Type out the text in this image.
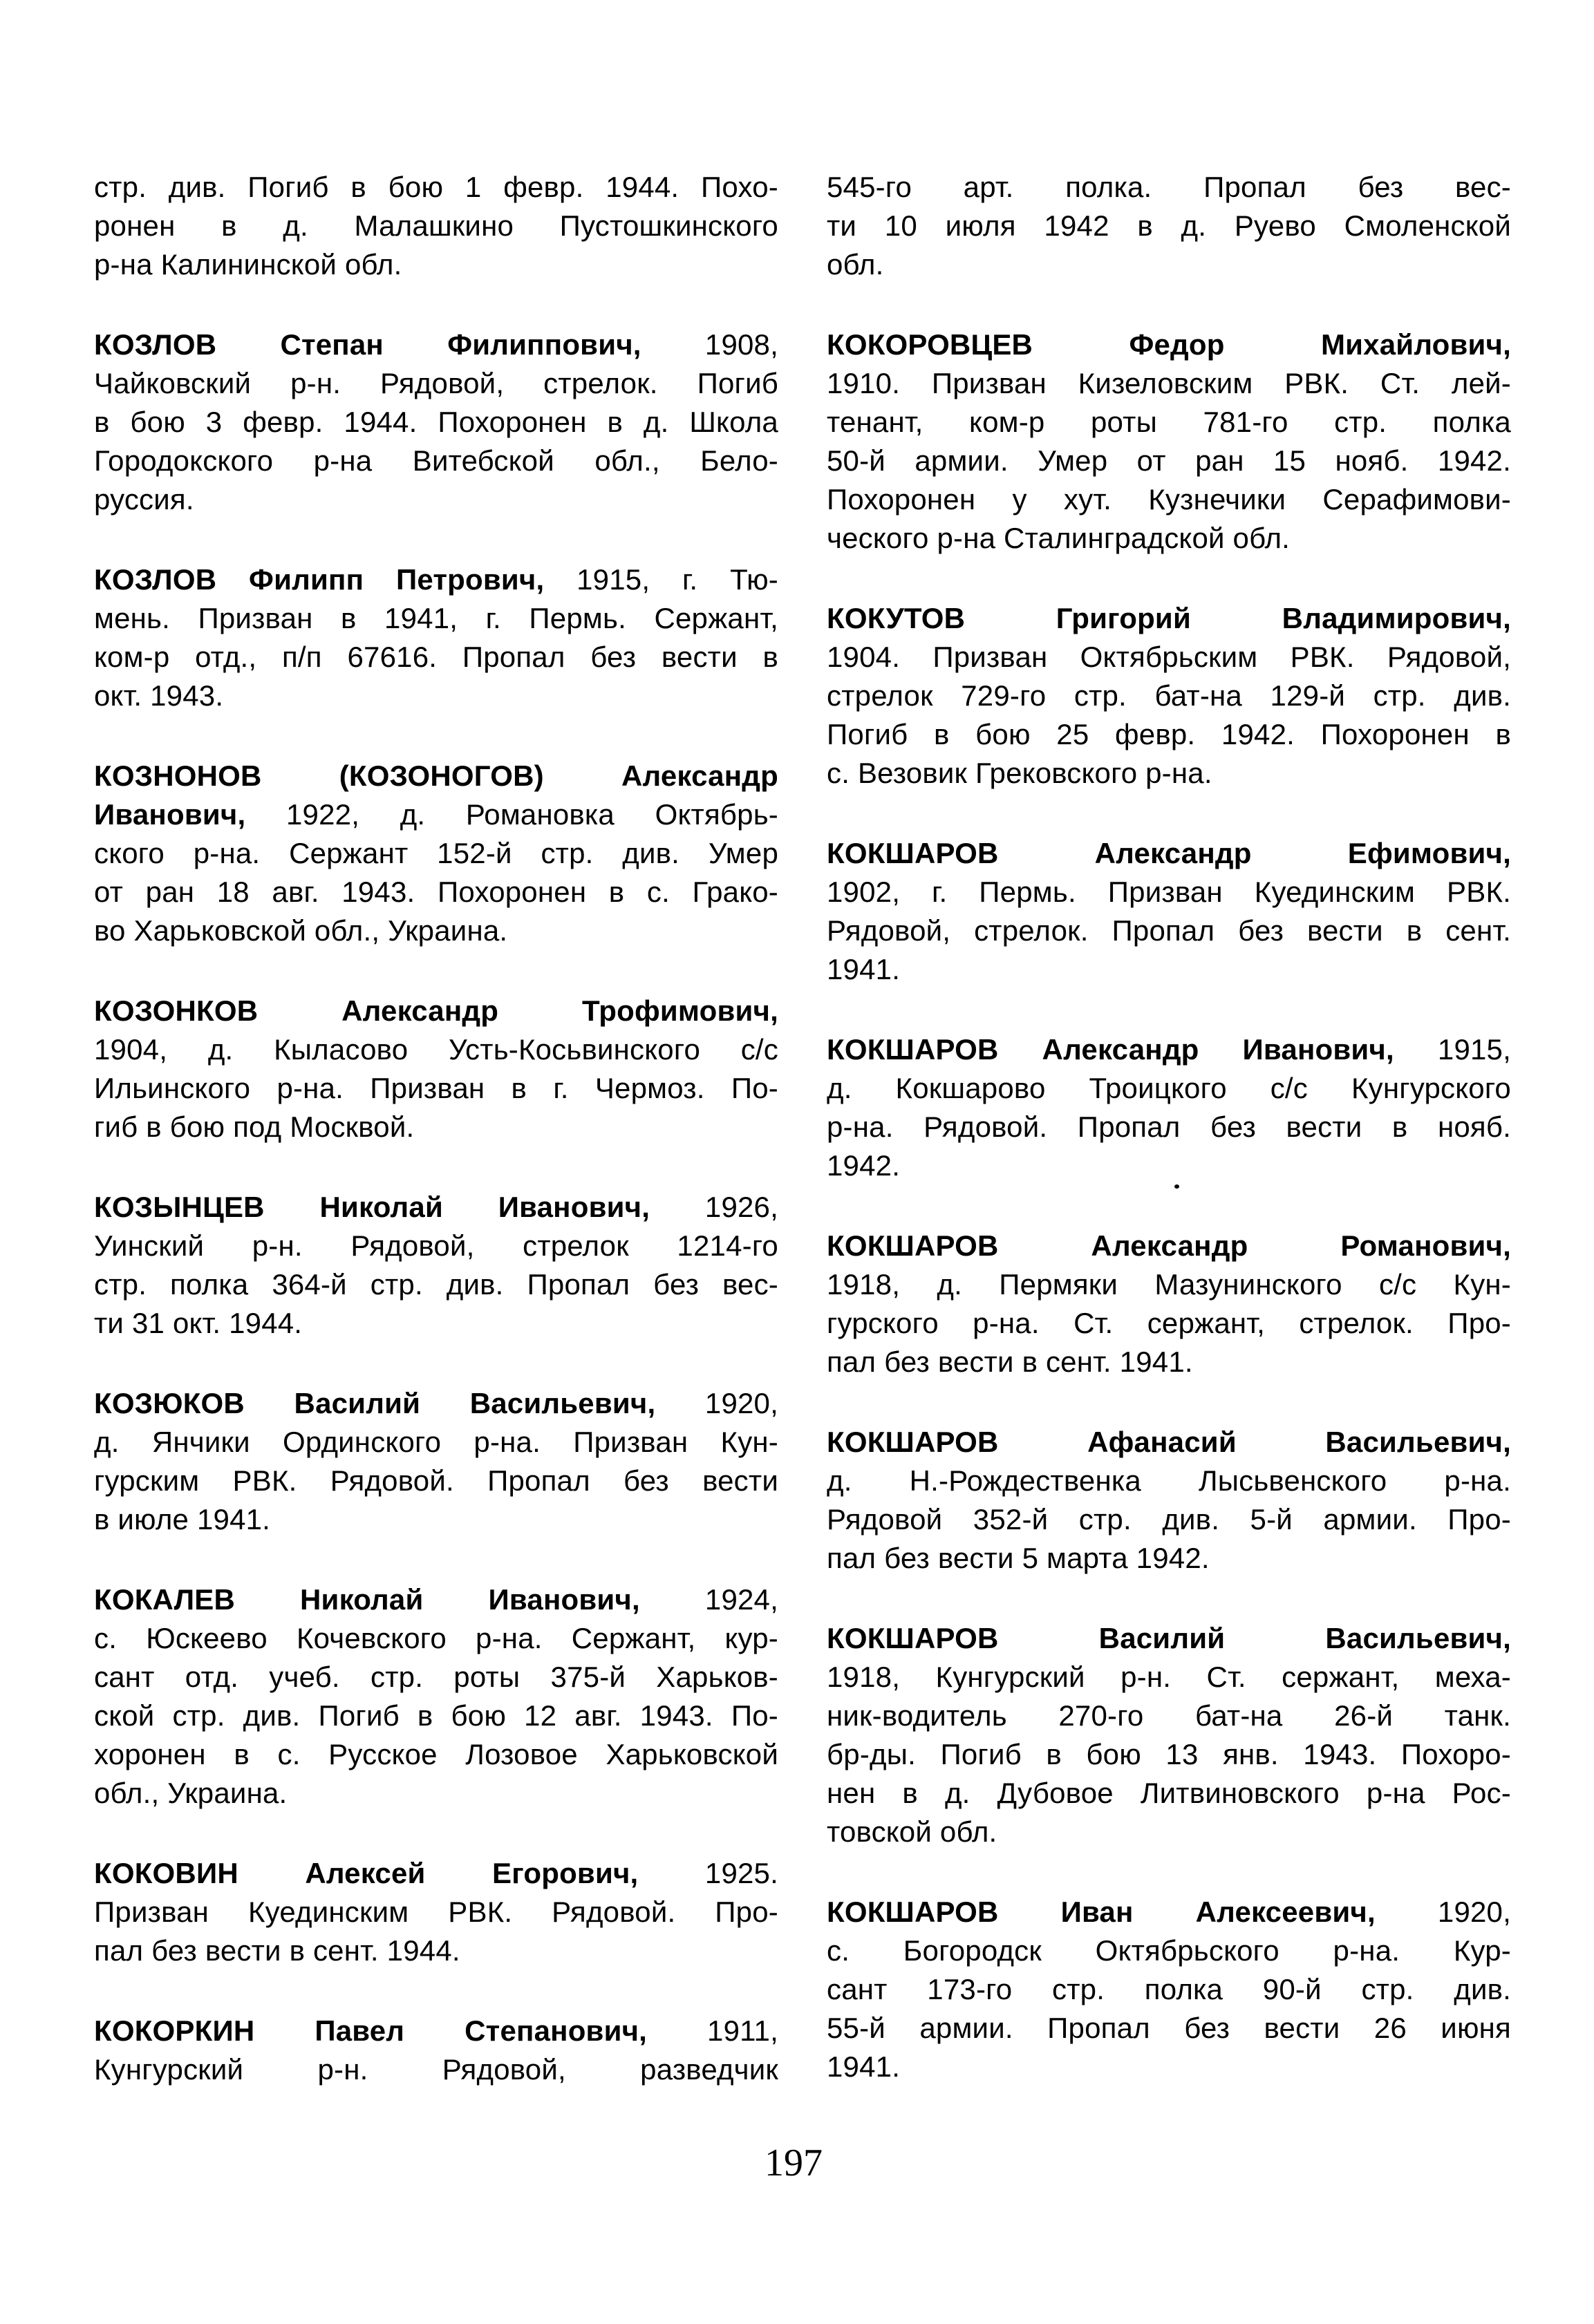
стр. див. Погиб в бою 1 февр. 1944. Похо-
ронен в д. Малашкино Пустошкинского
р-на Калининской обл.
КОЗЛОВ Степан Филиппович, 1908,
Чайковский р-н. Рядовой, стрелок. Погиб
в бою 3 февр. 1944. Похоронен в д. Школа
Городокского р-на Витебской обл., Бело-
руссия.
КОЗЛОВ Филипп Петрович, 1915, г. Тю-
мень. Призван в 1941, г. Пермь. Сержант,
ком-р отд., п/п 67616. Пропал без вести в
окт. 1943.
КОЗНОНОВ (КОЗОНОГОВ) Александр
Иванович, 1922, д. Романовка Октябрь-
ского р-на. Сержант 152-й стр. див. Умер
от ран 18 авг. 1943. Похоронен в с. Грако-
во Харьковской обл., Украина.
КОЗОНКОВ Александр Трофимович,
1904, д. Кыласово Усть-Косьвинского с/с
Ильинского р-на. Призван в г. Чермоз. По-
гиб в бою под Москвой.
КОЗЫНЦЕВ Николай Иванович, 1926,
Уинский р-н. Рядовой, стрелок 1214-го
стр. полка 364-й стр. див. Пропал без вес-
ти 31 окт. 1944.
КОЗЮКОВ Василий Васильевич, 1920,
д. Янчики Ординского р-на. Призван Кун-
гурским РВК. Рядовой. Пропал без вести
в июле 1941.
КОКАЛЕВ Николай Иванович, 1924,
с. Юскеево Кочевского р-на. Сержант, кур-
сант отд. учеб. стр. роты 375-й Харьков-
ской стр. див. Погиб в бою 12 авг. 1943. По-
хоронен в с. Русское Лозовое Харьковской
обл., Украина.
КОКОВИН Алексей Егорович, 1925.
Призван Куединским РВК. Рядовой. Про-
пал без вести в сент. 1944.
КОКОРКИН Павел Степанович, 1911,
Кунгурский р-н. Рядовой, разведчик
545-го арт. полка. Пропал без вес-
ти 10 июля 1942 в д. Руево Смоленской
обл.
КОКОРОВЦЕВ Федор Михайлович,
1910. Призван Кизеловским РВК. Ст. лей-
тенант, ком-р роты 781-го стр. полка
50-й армии. Умер от ран 15 нояб. 1942.
Похоронен у хут. Кузнечики Серафимови-
ческого р-на Сталинградской обл.
КОКУТОВ Григорий Владимирович,
1904. Призван Октябрьским РВК. Рядовой,
стрелок 729-го стр. бат-на 129-й стр. див.
Погиб в бою 25 февр. 1942. Похоронен в
с. Везовик Грековского р-на.
КОКШАРОВ Александр Ефимович,
1902, г. Пермь. Призван Куединским РВК.
Рядовой, стрелок. Пропал без вести в сент.
1941.
КОКШАРОВ Александр Иванович, 1915,
д. Кокшарово Троицкого с/с Кунгурского
р-на. Рядовой. Пропал без вести в нояб.
1942.
КОКШАРОВ Александр Романович,
1918, д. Пермяки Мазунинского с/с Кун-
гурского р-на. Ст. сержант, стрелок. Про-
пал без вести в сент. 1941.
КОКШАРОВ Афанасий Васильевич,
д. Н.-Рождественка Лысьвенского р-на.
Рядовой 352-й стр. див. 5-й армии. Про-
пал без вести 5 марта 1942.
КОКШАРОВ Василий Васильевич,
1918, Кунгурский р-н. Ст. сержант, меха-
ник-водитель 270-го бат-на 26-й танк.
бр-ды. Погиб в бою 13 янв. 1943. Похоро-
нен в д. Дубовое Литвиновского р-на Рос-
товской обл.
КОКШАРОВ Иван Алексеевич, 1920,
с. Богородск Октябрьского р-на. Кур-
сант 173-го стр. полка 90-й стр. див.
55-й армии. Пропал без вести 26 июня
1941.
197
